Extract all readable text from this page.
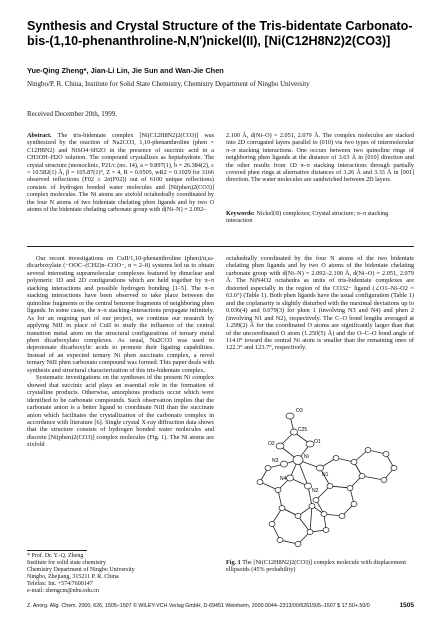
Synthesis and Crystal Structure of the Tris-bidentate Carbonato-bis-(1,10-phenanthroline-N,N′)nickel(II), [Ni(C12H8N2)2(CO3)]
Yue-Qing Zheng*, Jian-Li Lin, Jie Sun and Wan-Jie Chen
Ningbo/P. R. China, Institute for Solid State Chemistry, Chemistry Department of Ningbo University
Received December 20th, 1999.
Abstract. The tris-bidentate complex [Ni(C12H8N2)2(CO3)] was synthesized by the reaction of Na2CO3, 1,10-phenanthroline (phen = C12H8N2) and NiSO4·6H2O in the presence of succinic acid in a CH3OH–H2O solution. The compound crystallizes as heptahydrate. The crystal structure (monoclinic, P21/c (no. 14), a = 9.897(1), b = 26.384(2), c = 10.582(1) Å, β = 105.87(1)°, Z = 4, R = 0.0505, wR2 = 0.1029 for 3166 observed reflections (F02 ≥ 2σ(F02)) out of 6100 unique reflections) consists of hydrogen bonded water molecules and [Ni(phen)2(CO3)] complex molecules. The Ni atoms are sixfold octahedrally coordinated by the four N atoms of two bidentate chelating phen ligands and by two O atoms of the bidentate chelating carbonate group with d(Ni–N) = 2.092–
2.100 Å, d(Ni–O) = 2.051, 2.079 Å. The complex molecules are stacked into 2D corrugated layers parallel to (010) via two types of intermolecular π–π stacking interactions. One occurs between two quinoline rings of neighboring phen ligands at the distance of 3.63 Å in [010] direction and the other results from 1D π–π stacking interactions through partially covered phen rings at alternative distances of 3.26 Å and 3.33 Å in [001] direction. The water molecules are sandwiched between 2D layers.
Keywords: Nickel(II) complexes; Crystal structure; π–π stacking interaction

Our recent investigations on CuII/1,10-phenanthroline (phen)/α,ω-dicarboxylate (−OOC–(CH2)n–COO−, n = 2–8) systems led us to obtain several interesting supramolecular complexes featured by dinuclear and polymeric 1D and 2D configurations which are held together by π–π stacking interactions and possible hydrogen bonding [1–5]. The π–π stacking interactions have been observed to take place between the quinoline fragments or the central benzene fragments of neighboring phen ligands. In some cases, the π–π stacking-interactions propagate infinitely. As for an ongoing part of our project, we continue our research by applying NiII in place of CuII to study the influence of the central transition metal atom on the structural configurations of ternary metal phen dicarboxylato complexes. As usual, Na2CO3 was used to deprotonate dicarboxylic acids to promote their ligating capabilities. Instead of an expected ternary Ni phen succinato complex, a novel ternary NiII phen carbonato compound was formed. This paper deals with synthesis and structural characterization of this tris-bidentate complex.

Systematic investigations on the syntheses of the present Ni complex showed that succinic acid plays an essential role in the formation of crystalline products. Otherwise, amorphous products occur which were identified to be carbonate compounds. Such observation implies that the carbonate anion is a better ligand to coordinate NiII than the succinate anion which facilitates the crystallization of the carbonato complex in accordance with literature [6]. Single crystal X-ray diffraction data shows that the structure consists of hydrogen bonded water molecules and discrete [Ni(phen)2(CO3)] complex molecules (Fig. 1). The Ni atoms are sixfold

octahedrally coordinated by the four N atoms of the two bidentate chelating phen ligands and by two O atoms of the bidentate chelating carbonate group with d(Ni–N) = 2.092–2.100 Å, d(Ni–O) = 2.051, 2.079 Å. The NiN4O2 octahedra as units of tris-bidentate complexes are distorted especially in the region of the CO32− ligand (∠O1–Ni–O2 = 63.6°) (Table 1). Both phen ligands have the usual configuration (Table 1) and the coplanarity is slightly disturbed with the maximal deviations up to 0.036(4) and 0.079(3) for phen 1 (involving N3 and N4) and phen 2 (involving N1 and N2), respectively. The C–O bond lengths averaged at 1.299(2) Å for the coordinated O atoms are significantly larger than that of the uncoordinated O atom (1.250(5) Å) and the O–C–O bond angle of 114.0° toward the central Ni atom is smaller than the remaining ones of 122.3° and 123.7°, respectively.

* Prof. Dr. Y.-Q. Zheng
Institute for solid state chemistry
Chemistry Department of Ningbo University
Ningbo, Zhejiang, 315211 P. R. China
Telefax: Int. +574/7600147
e-mail: zhengcm@nbu.edu.cn
O3
C25
O2	O1
Ni
N1
N2
N3
N4
Fig. 1 The [Ni(C12H8N2)2(CO3)] complex molecule with displacement ellipsoids (45% probability)
Z. Anorg. Allg. Chem. 2000, 626, 1505–1507 © WILEY-VCH Verlag GmbH, D-69451 Weinheim, 2000 0044–2313/00/6261505–1507 $ 17.50+.50/0	1505
